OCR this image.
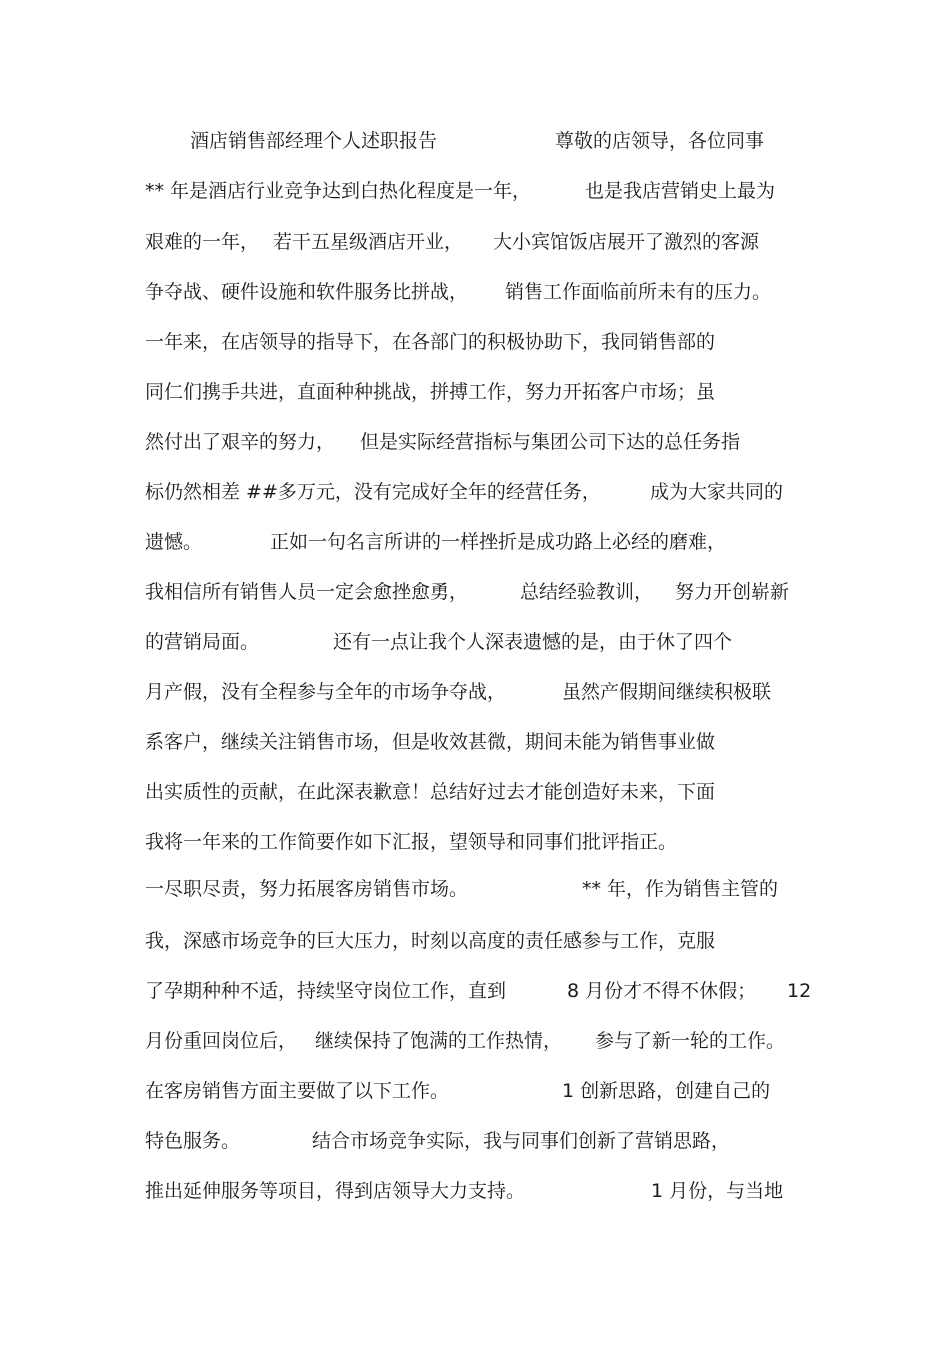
酒店销售部经理个人述职报告	尊敬的店领导，各位同事
** 年是酒店行业竞争达到白热化程度是一年，	也是我店营销史上最为
艰难的一年， 若干五星级酒店开业， 大小宾馆饭店展开了激烈的客源
争夺战、硬件设施和软件服务比拼战， 销售工作面临前所未有的压力。
一年来，在店领导的指导下，在各部门的积极协助下，我同销售部的
同仁们携手共进，直面种种挑战，拼搏工作，努力开拓客户市场；虽
然付出了艰辛的努力， 但是实际经营指标与集团公司下达的总任务指
标仍然相差 ##多万元，没有完成好全年的经营任务，	成为大家共同的
遗憾。	正如一句名言所讲的一样挫折是成功路上必经的磨难，
我相信所有销售人员一定会愈挫愈勇，	总结经验教训， 努力开创崭新
的营销局面。	还有一点让我个人深表遗憾的是，由于休了四个
月产假，没有全程参与全年的市场争夺战，	虽然产假期间继续积极联
系客户，继续关注销售市场，但是收效甚微，期间未能为销售事业做
出实质性的贡献，在此深表歉意！总结好过去才能创造好未来，下面
我将一年来的工作简要作如下汇报，望领导和同事们批评指正。
一尽职尽责，努力拓展客房销售市场。	** 年，作为销售主管的
我，深感市场竞争的巨大压力，时刻以高度的责任感参与工作，克服
了孕期种种不适，持续坚守岗位工作，直到	8 月份才不得不休假； 12
月份重回岗位后， 继续保持了饱满的工作热情， 参与了新一轮的工作。
在客房销售方面主要做了以下工作。	1 创新思路，创建自己的
特色服务。	结合市场竞争实际，我与同事们创新了营销思路，
推出延伸服务等项目，得到店领导大力支持。	1 月份，与当地
